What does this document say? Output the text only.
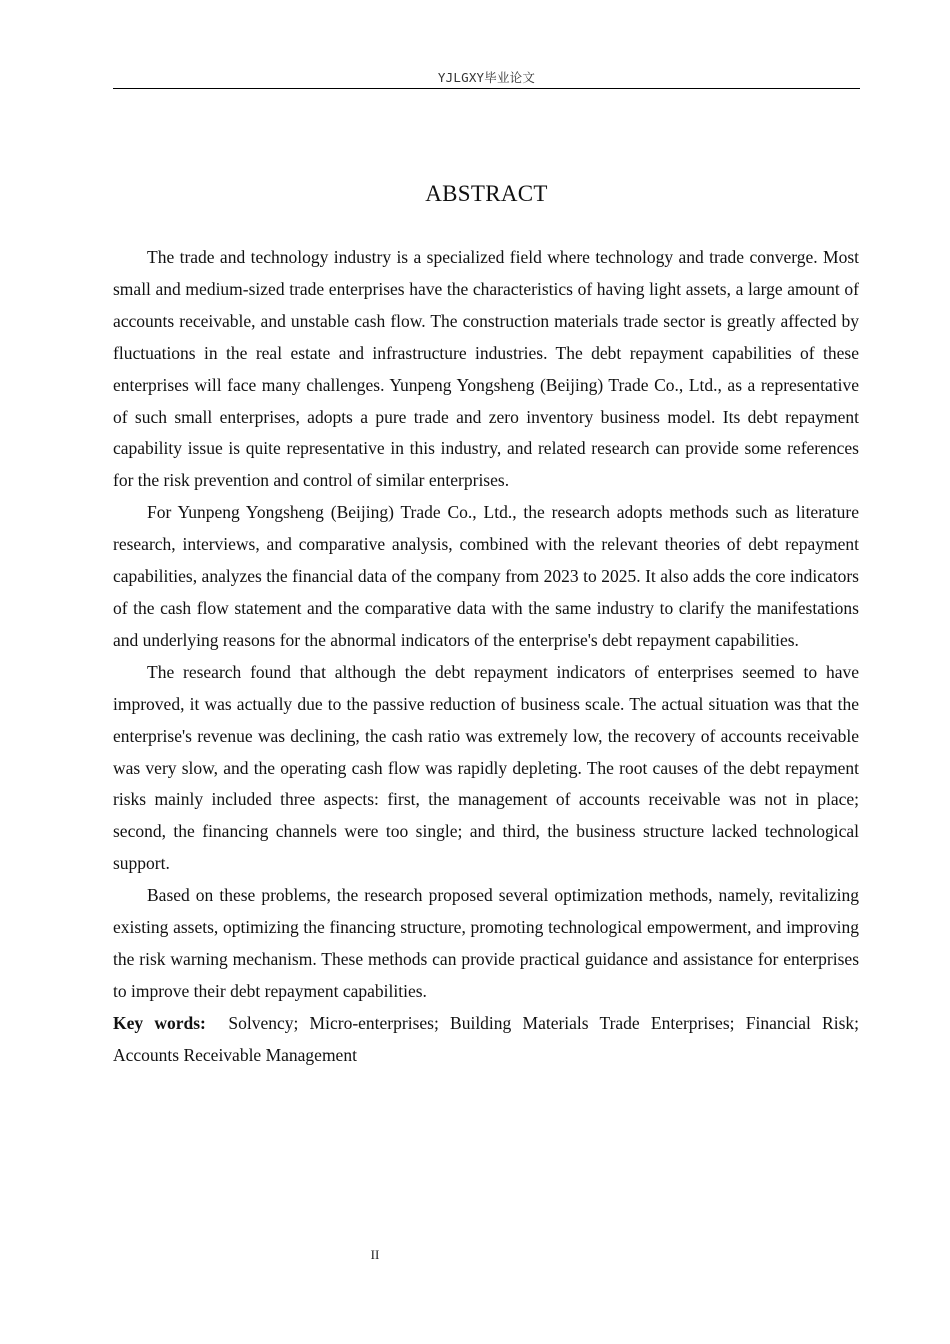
YJLGXY毕业论文
ABSTRACT

The trade and technology industry is a specialized field where technology and trade converge. Most small and medium-sized trade enterprises have the characteristics of having light assets, a large amount of accounts receivable, and unstable cash flow. The construction materials trade sector is greatly affected by fluctuations in the real estate and infrastructure industries. The debt repayment capabilities of these enterprises will face many challenges. Yunpeng Yongsheng (Beijing) Trade Co., Ltd., as a representative of such small enterprises, adopts a pure trade and zero inventory business model. Its debt repayment capability issue is quite representative in this industry, and related research can provide some references for the risk prevention and control of similar enterprises.

For Yunpeng Yongsheng (Beijing) Trade Co., Ltd., the research adopts methods such as literature research, interviews, and comparative analysis, combined with the relevant theories of debt repayment capabilities, analyzes the financial data of the company from 2023 to 2025. It also adds the core indicators of the cash flow statement and the comparative data with the same industry to clarify the manifestations and underlying reasons for the abnormal indicators of the enterprise's debt repayment capabilities.

The research found that although the debt repayment indicators of enterprises seemed to have improved, it was actually due to the passive reduction of business scale. The actual situation was that the enterprise's revenue was declining, the cash ratio was extremely low, the recovery of accounts receivable was very slow, and the operating cash flow was rapidly depleting. The root causes of the debt repayment risks mainly included three aspects: first, the management of accounts receivable was not in place; second, the financing channels were too single; and third, the business structure lacked technological support.

Based on these problems, the research proposed several optimization methods, namely, revitalizing existing assets, optimizing the financing structure, promoting technological empowerment, and improving the risk warning mechanism. These methods can provide practical guidance and assistance for enterprises to improve their debt repayment capabilities.

Key words: Solvency; Micro-enterprises; Building Materials Trade Enterprises; Financial Risk; Accounts Receivable Management

II
